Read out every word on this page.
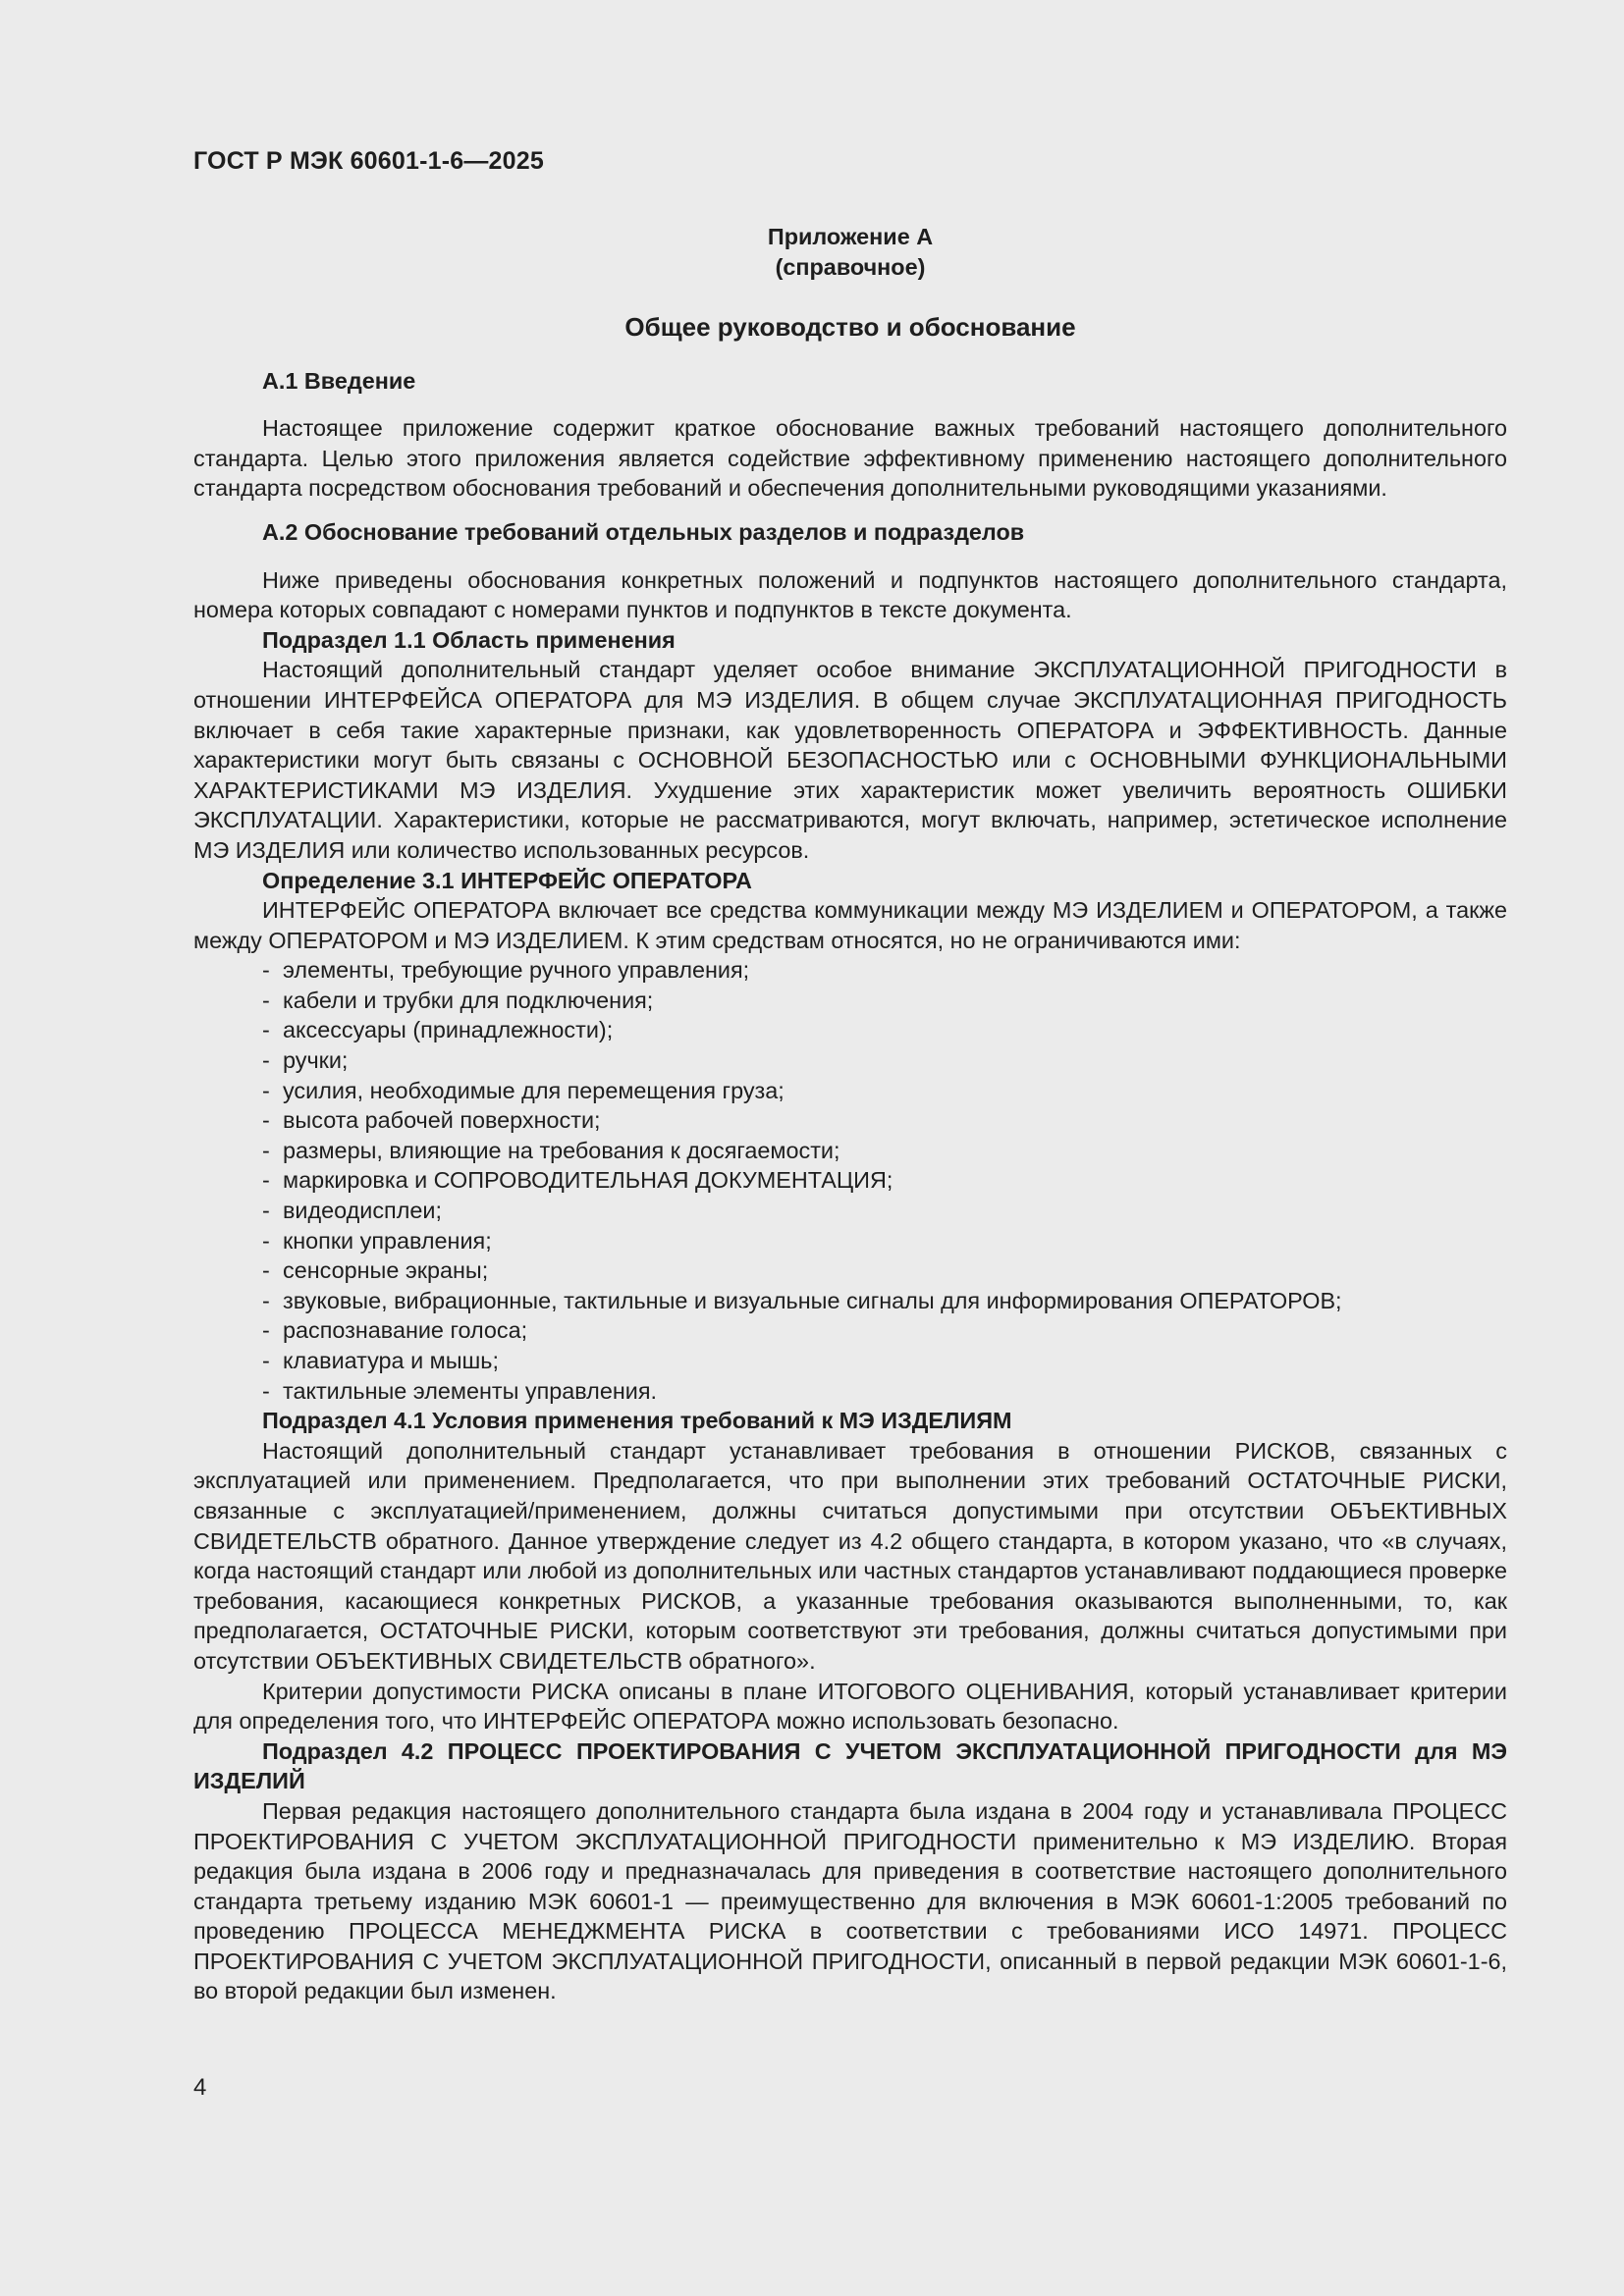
ГОСТ Р МЭК 60601-1-6—2025
Приложение А
(справочное)
Общее руководство и обоснование

А.1 Введение

Настоящее приложение содержит краткое обоснование важных требований настоящего дополнительного стандарта. Целью этого приложения является содействие эффективному применению настоящего дополнительного стандарта посредством обоснования требований и обеспечения дополнительными руководящими указаниями.

А.2 Обоснование требований отдельных разделов и подразделов

Ниже приведены обоснования конкретных положений и подпунктов настоящего дополнительного стандарта, номера которых совпадают с номерами пунктов и подпунктов в тексте документа.

Подраздел 1.1 Область применения

Настоящий дополнительный стандарт уделяет особое внимание ЭКСПЛУАТАЦИОННОЙ ПРИГОДНОСТИ в отношении ИНТЕРФЕЙСА ОПЕРАТОРА для МЭ ИЗДЕЛИЯ. В общем случае ЭКСПЛУАТАЦИОННАЯ ПРИГОДНОСТЬ включает в себя такие характерные признаки, как удовлетворенность ОПЕРАТОРА и ЭФФЕКТИВНОСТЬ. Данные характеристики могут быть связаны с ОСНОВНОЙ БЕЗОПАСНОСТЬЮ или с ОСНОВНЫМИ ФУНКЦИОНАЛЬНЫМИ ХАРАКТЕРИСТИКАМИ МЭ ИЗДЕЛИЯ. Ухудшение этих характеристик может увеличить вероятность ОШИБКИ ЭКСПЛУАТАЦИИ. Характеристики, которые не рассматриваются, могут включать, например, эстетическое исполнение МЭ ИЗДЕЛИЯ или количество использованных ресурсов.

Определение 3.1 ИНТЕРФЕЙС ОПЕРАТОРА

ИНТЕРФЕЙС ОПЕРАТОРА включает все средства коммуникации между МЭ ИЗДЕЛИЕМ и ОПЕРАТОРОМ, а также между ОПЕРАТОРОМ и МЭ ИЗДЕЛИЕМ. К этим средствам относятся, но не ограничиваются ими:

- элементы, требующие ручного управления;
- кабели и трубки для подключения;
- аксессуары (принадлежности);
- ручки;
- усилия, необходимые для перемещения груза;
- высота рабочей поверхности;
- размеры, влияющие на требования к досягаемости;
- маркировка и СОПРОВОДИТЕЛЬНАЯ ДОКУМЕНТАЦИЯ;
- видеодисплеи;
- кнопки управления;
- сенсорные экраны;
- звуковые, вибрационные, тактильные и визуальные сигналы для информирования ОПЕРАТОРОВ;
- распознавание голоса;
- клавиатура и мышь;
- тактильные элементы управления.

Подраздел 4.1 Условия применения требований к МЭ ИЗДЕЛИЯМ

Настоящий дополнительный стандарт устанавливает требования в отношении РИСКОВ, связанных с эксплуатацией или применением. Предполагается, что при выполнении этих требований ОСТАТОЧНЫЕ РИСКИ, связанные с эксплуатацией/применением, должны считаться допустимыми при отсутствии ОБЪЕКТИВНЫХ СВИДЕТЕЛЬСТВ обратного. Данное утверждение следует из 4.2 общего стандарта, в котором указано, что «в случаях, когда настоящий стандарт или любой из дополнительных или частных стандартов устанавливают поддающиеся проверке требования, касающиеся конкретных РИСКОВ, а указанные требования оказываются выполненными, то, как предполагается, ОСТАТОЧНЫЕ РИСКИ, которым соответствуют эти требования, должны считаться допустимыми при отсутствии ОБЪЕКТИВНЫХ СВИДЕТЕЛЬСТВ обратного».

Критерии допустимости РИСКА описаны в плане ИТОГОВОГО ОЦЕНИВАНИЯ, который устанавливает критерии для определения того, что ИНТЕРФЕЙС ОПЕРАТОРА можно использовать безопасно.

Подраздел 4.2 ПРОЦЕСС ПРОЕКТИРОВАНИЯ С УЧЕТОМ ЭКСПЛУАТАЦИОННОЙ ПРИГОДНОСТИ для МЭ ИЗДЕЛИЙ

Первая редакция настоящего дополнительного стандарта была издана в 2004 году и устанавливала ПРОЦЕСС ПРОЕКТИРОВАНИЯ С УЧЕТОМ ЭКСПЛУАТАЦИОННОЙ ПРИГОДНОСТИ применительно к МЭ ИЗДЕЛИЮ. Вторая редакция была издана в 2006 году и предназначалась для приведения в соответствие настоящего дополнительного стандарта третьему изданию МЭК 60601-1 — преимущественно для включения в МЭК 60601-1:2005 требований по проведению ПРОЦЕССА МЕНЕДЖМЕНТА РИСКА в соответствии с требованиями ИСО 14971. ПРОЦЕСС ПРОЕКТИРОВАНИЯ С УЧЕТОМ ЭКСПЛУАТАЦИОННОЙ ПРИГОДНОСТИ, описанный в первой редакции МЭК 60601-1-6, во второй редакции был изменен.

4
